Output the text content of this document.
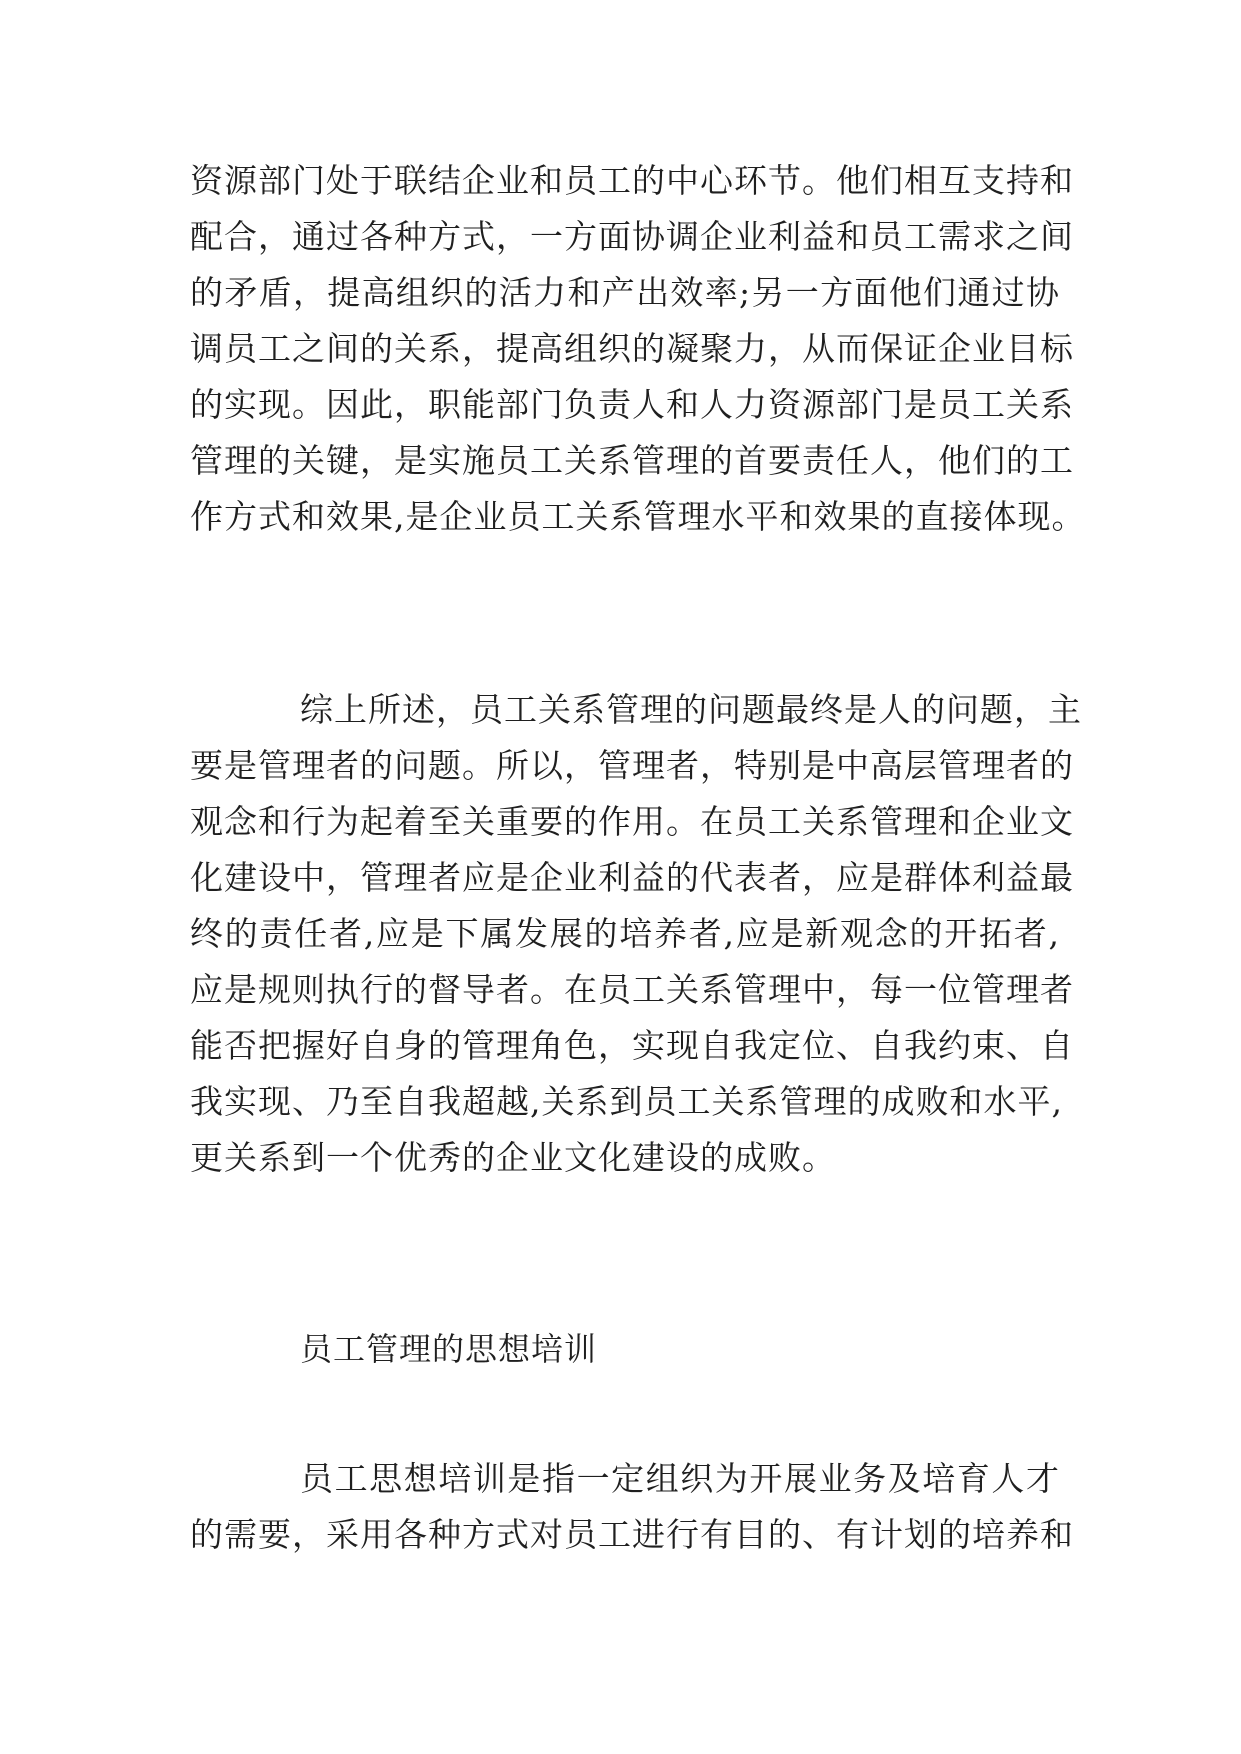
资源部门处于联结企业和员工的中心环节。他们相互支持和
配合，通过各种方式，一方面协调企业利益和员工需求之间
的矛盾，提高组织的活力和产出效率;另一方面他们通过协
调员工之间的关系，提高组织的凝聚力，从而保证企业目标
的实现。因此，职能部门负责人和人力资源部门是员工关系
管理的关键，是实施员工关系管理的首要责任人，他们的工
作方式和效果,是企业员工关系管理水平和效果的直接体现。
综上所述，员工关系管理的问题最终是人的问题，主
要是管理者的问题。所以，管理者，特别是中高层管理者的
观念和行为起着至关重要的作用。在员工关系管理和企业文
化建设中，管理者应是企业利益的代表者，应是群体利益最
终的责任者,应是下属发展的培养者,应是新观念的开拓者,
应是规则执行的督导者。在员工关系管理中，每一位管理者
能否把握好自身的管理角色，实现自我定位、自我约束、自
我实现、乃至自我超越,关系到员工关系管理的成败和水平,
更关系到一个优秀的企业文化建设的成败。
员工管理的思想培训
员工思想培训是指一定组织为开展业务及培育人才
的需要，采用各种方式对员工进行有目的、有计划的培养和
